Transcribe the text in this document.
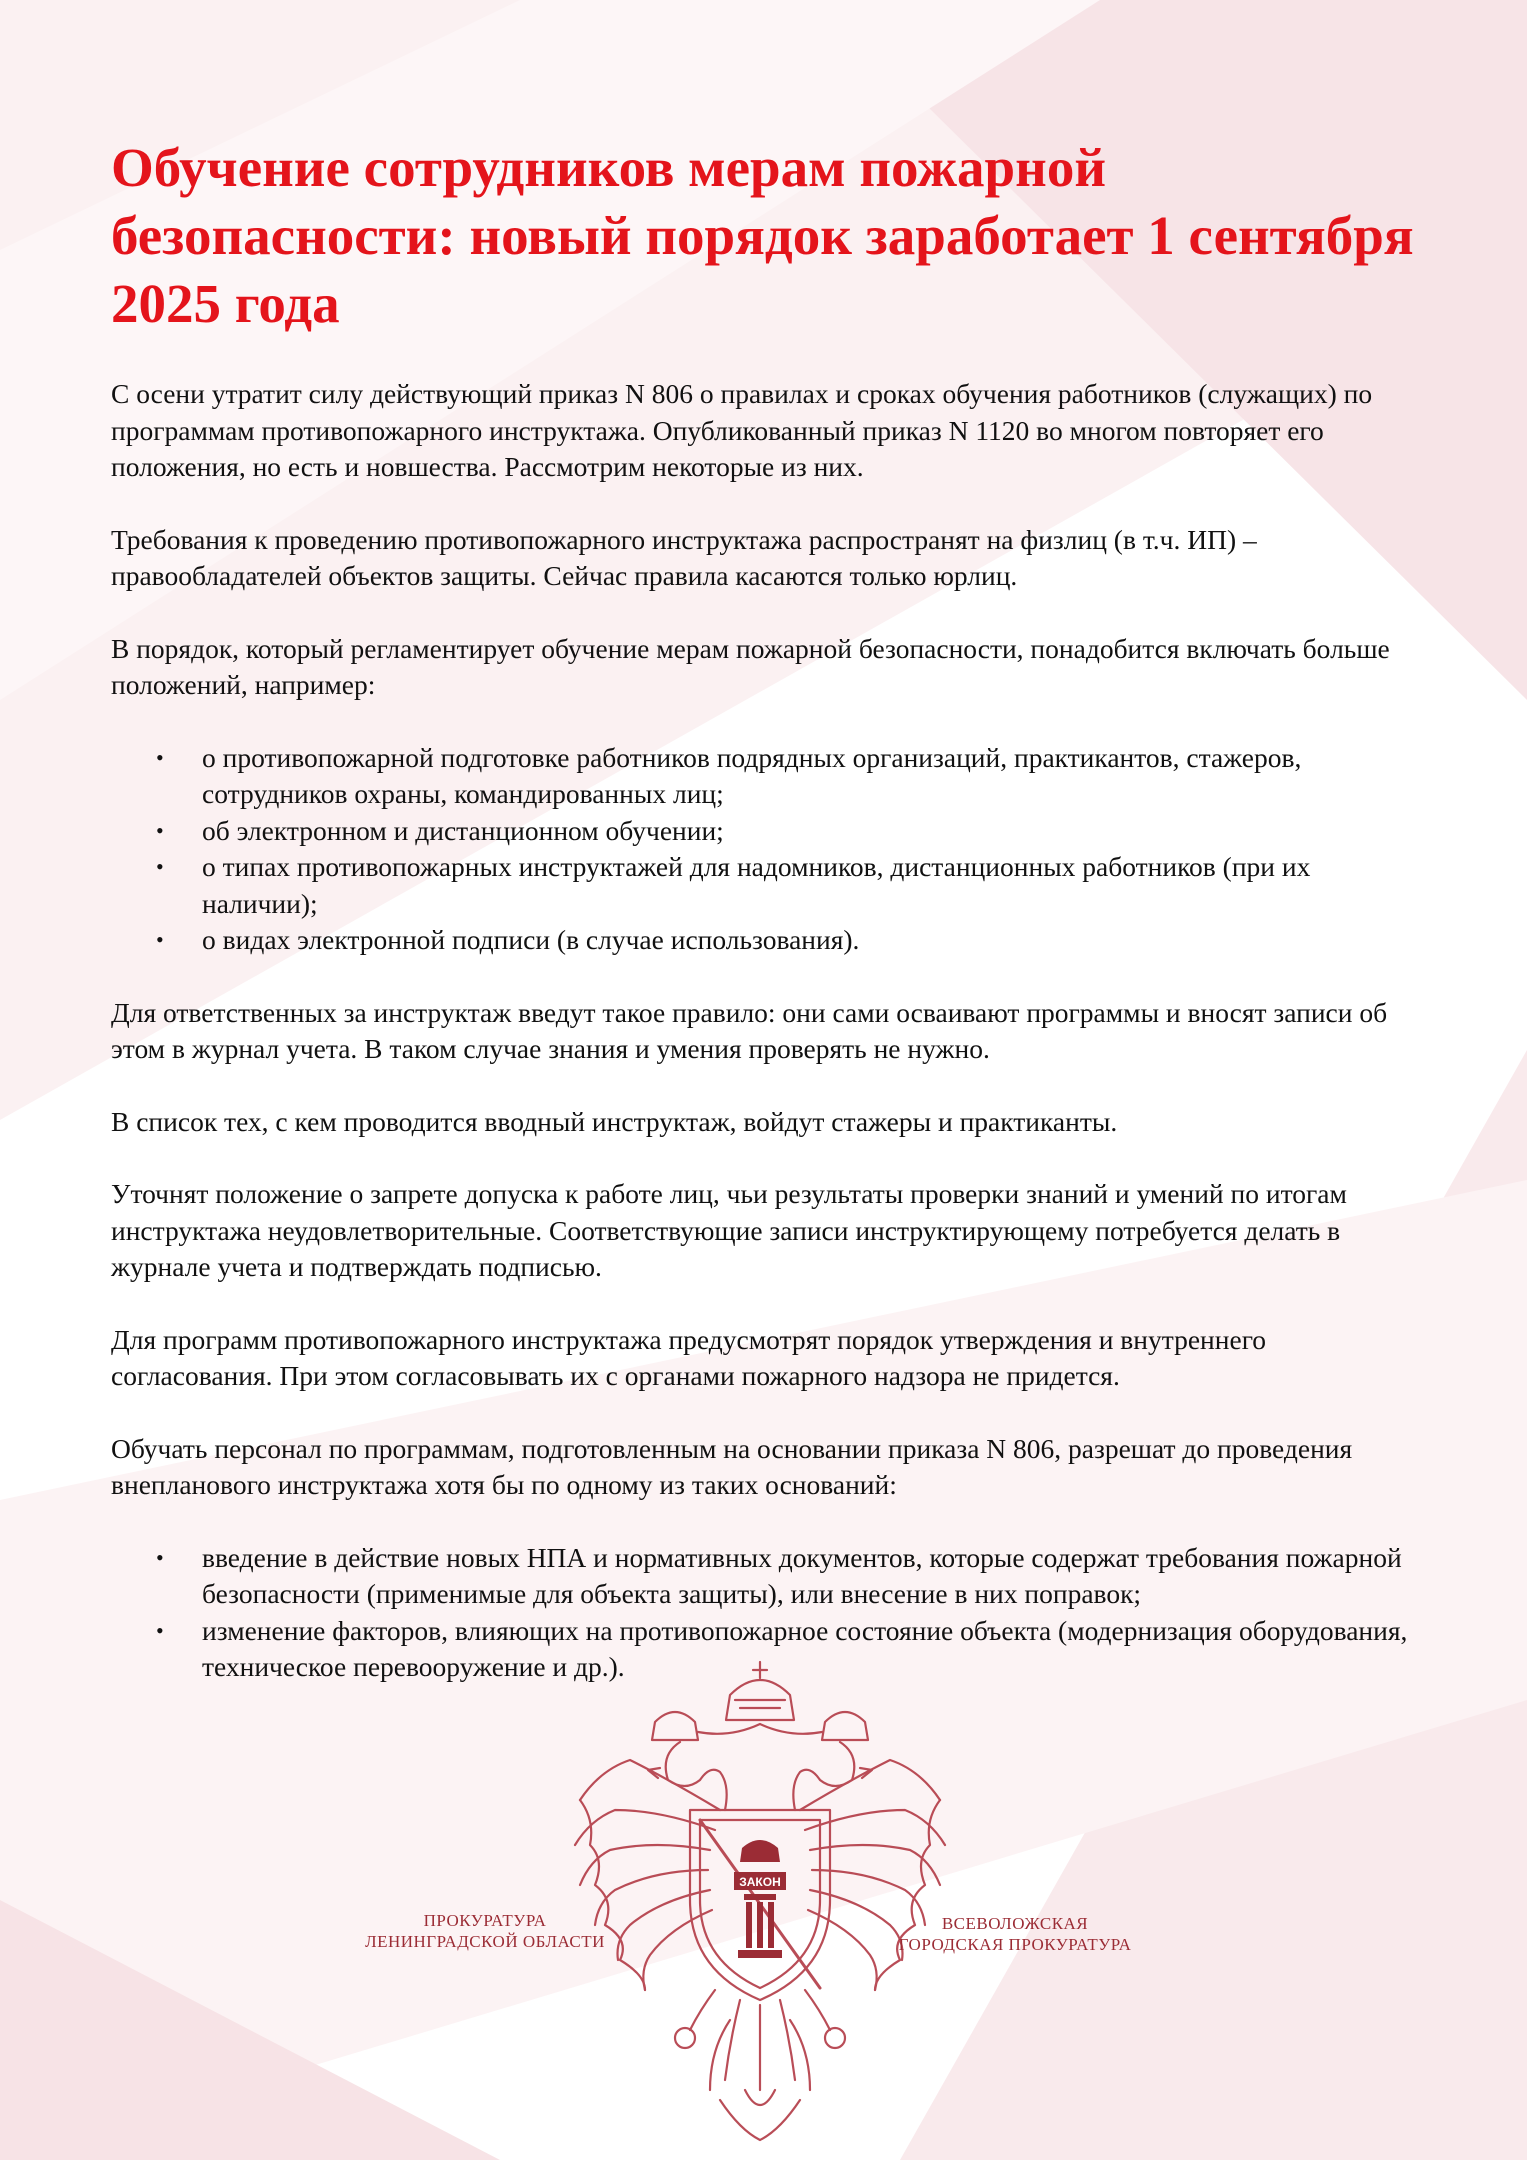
Обучение сотрудников мерам пожарной безопасности: новый порядок заработает 1 сентября 2025 года

С осени утратит силу действующий приказ N 806 о правилах и сроках обучения работников (служащих) по программам противопожарного инструктажа. Опубликованный приказ N 1120 во многом повторяет его положения, но есть и новшества. Рассмотрим некоторые из них.

Требования к проведению противопожарного инструктажа распространят на физлиц (в т.ч. ИП) – правообладателей объектов защиты. Сейчас правила касаются только юрлиц.

В порядок, который регламентирует обучение мерам пожарной безопасности, понадобится включать больше положений, например:

• о противопожарной подготовке работников подрядных организаций, практикантов, стажеров, сотрудников охраны, командированных лиц;
• об электронном и дистанционном обучении;
• о типах противопожарных инструктажей для надомников, дистанционных работников (при их наличии);
• о видах электронной подписи (в случае использования).

Для ответственных за инструктаж введут такое правило: они сами осваивают программы и вносят записи об этом в журнал учета. В таком случае знания и умения проверять не нужно.

В список тех, с кем проводится вводный инструктаж, войдут стажеры и практиканты.

Уточнят положение о запрете допуска к работе лиц, чьи результаты проверки знаний и умений по итогам инструктажа неудовлетворительные. Соответствующие записи инструктирующему потребуется делать в журнале учета и подтверждать подписью.

Для программ противопожарного инструктажа предусмотрят порядок утверждения и внутреннего согласования. При этом согласовывать их с органами пожарного надзора не придется.

Обучать персонал по программам, подготовленным на основании приказа N 806, разрешат до проведения внепланового инструктажа хотя бы по одному из таких оснований:

• введение в действие новых НПА и нормативных документов, которые содержат требования пожарной безопасности (применимые для объекта защиты), или внесение в них поправок;
• изменение факторов, влияющих на противопожарное состояние объекта (модернизация оборудования, техническое перевооружение и др.).
ЗАКОН
ПРОКУРАТУРА
ЛЕНИНГРАДСКОЙ ОБЛАСТИ
ВСЕВОЛОЖСКАЯ
ГОРОДСКАЯ ПРОКУРАТУРА
